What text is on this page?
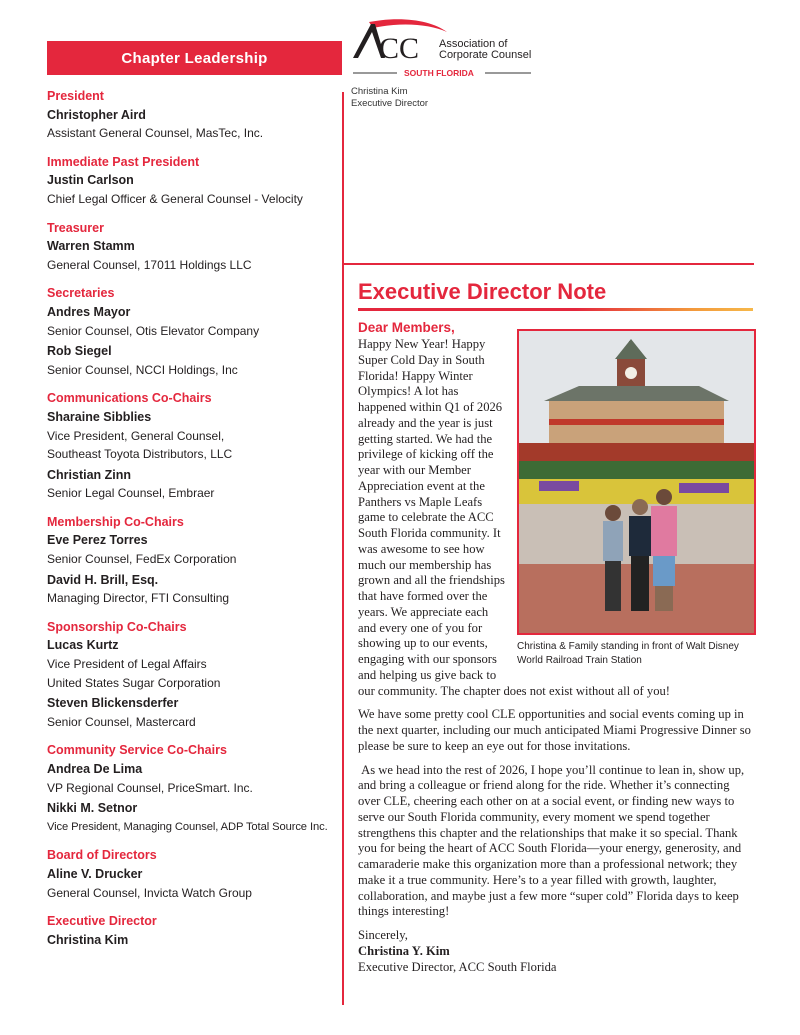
Chapter Leadership
President
Christopher Aird
Assistant General Counsel, MasTec, Inc.
Immediate Past President
Justin Carlson
Chief Legal Officer & General Counsel - Velocity
Treasurer
Warren Stamm
General Counsel, 17011 Holdings LLC
Secretaries
Andres Mayor
Senior Counsel, Otis Elevator Company
Rob Siegel
Senior Counsel, NCCI Holdings, Inc
Communications Co-Chairs
Sharaine Sibblies
Vice President, General Counsel,
Southeast Toyota Distributors, LLC
Christian Zinn
Senior Legal Counsel, Embraer
Membership Co-Chairs
Eve Perez Torres
Senior Counsel, FedEx Corporation
David H. Brill, Esq.
Managing Director, FTI Consulting
Sponsorship Co-Chairs
Lucas Kurtz
Vice President of Legal Affairs
United States Sugar Corporation
Steven Blickensderfer
Senior Counsel, Mastercard
Community Service Co-Chairs
Andrea De Lima
VP Regional Counsel, PriceSmart. Inc.
Nikki M. Setnor
Vice President, Managing Counsel, ADP Total Source Inc.
Board of Directors
Aline V. Drucker
General Counsel, Invicta Watch Group
Executive Director
Christina Kim
CC Association of
Corporate Counsel
SOUTH FLORIDA
Christina Kim
Executive Director
Executive Director Note
Dear Members,
Christina & Family standing in front of Walt Disney World Railroad Train Station

Happy New Year! Happy Super Cold Day in South Florida! Happy Winter Olympics! A lot has happened within Q1 of 2026 already and the year is just getting started. We had the privilege of kicking off the year with our Member Appreciation event at the Panthers vs Maple Leafs game to celebrate the ACC South Florida community. It was awesome to see how much our membership has grown and all the friendships that have formed over the years. We appreciate each and every one of you for showing up to our events, engaging with our sponsors and helping us give back to our community. The chapter does not exist without all of you!

We have some pretty cool CLE opportunities and social events coming up in the next quarter, including our much anticipated Miami Progressive Dinner so please be sure to keep an eye out for those invitations.

As we head into the rest of 2026, I hope you’ll continue to lean in, show up, and bring a colleague or friend along for the ride. Whether it’s connecting over CLE, cheering each other on at a social event, or finding new ways to serve our South Florida community, every moment we spend together strengthens this chapter and the relationships that make it so special. Thank you for being the heart of ACC South Florida—your energy, generosity, and camaraderie make this organization more than a professional network; they make it a true community. Here’s to a year filled with growth, laughter, collaboration, and maybe just a few more “super cold” Florida days to keep things interesting!

Sincerely,
Christina Y. Kim
Executive Director, ACC South Florida
